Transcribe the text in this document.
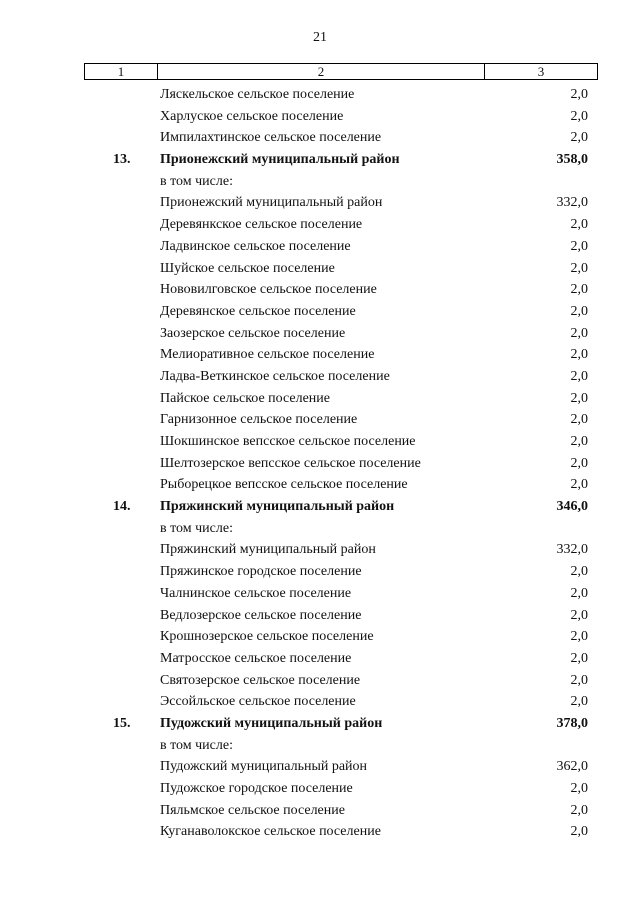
21
1	2	3
Ляскельское сельское поселение	2,0
Харлуское сельское поселение	2,0
Импилахтинское сельское поселение	2,0
13. Прионежский муниципальный район	358,0
в том числе:
Прионежский муниципальный район	332,0
Деревянкское сельское поселение	2,0
Ладвинское сельское поселение	2,0
Шуйское сельское поселение	2,0
Нововилговское сельское поселение	2,0
Деревянское сельское поселение	2,0
Заозерское сельское поселение	2,0
Мелиоративное сельское поселение	2,0
Ладва-Веткинское сельское поселение	2,0
Пайское сельское поселение	2,0
Гарнизонное сельское поселение	2,0
Шокшинское вепсское сельское поселение	2,0
Шелтозерское вепсское сельское поселение	2,0
Рыборецкое вепсское сельское поселение	2,0
14. Пряжинский муниципальный район	346,0
в том числе:
Пряжинский муниципальный район	332,0
Пряжинское городское поселение	2,0
Чалнинское сельское поселение	2,0
Ведлозерское сельское поселение	2,0
Крошнозерское сельское поселение	2,0
Матросское сельское поселение	2,0
Святозерское сельское поселение	2,0
Эссойльское сельское поселение	2,0
15. Пудожский муниципальный район	378,0
в том числе:
Пудожский муниципальный район	362,0
Пудожское городское поселение	2,0
Пяльмское сельское поселение	2,0
Куганаволокское сельское поселение	2,0
